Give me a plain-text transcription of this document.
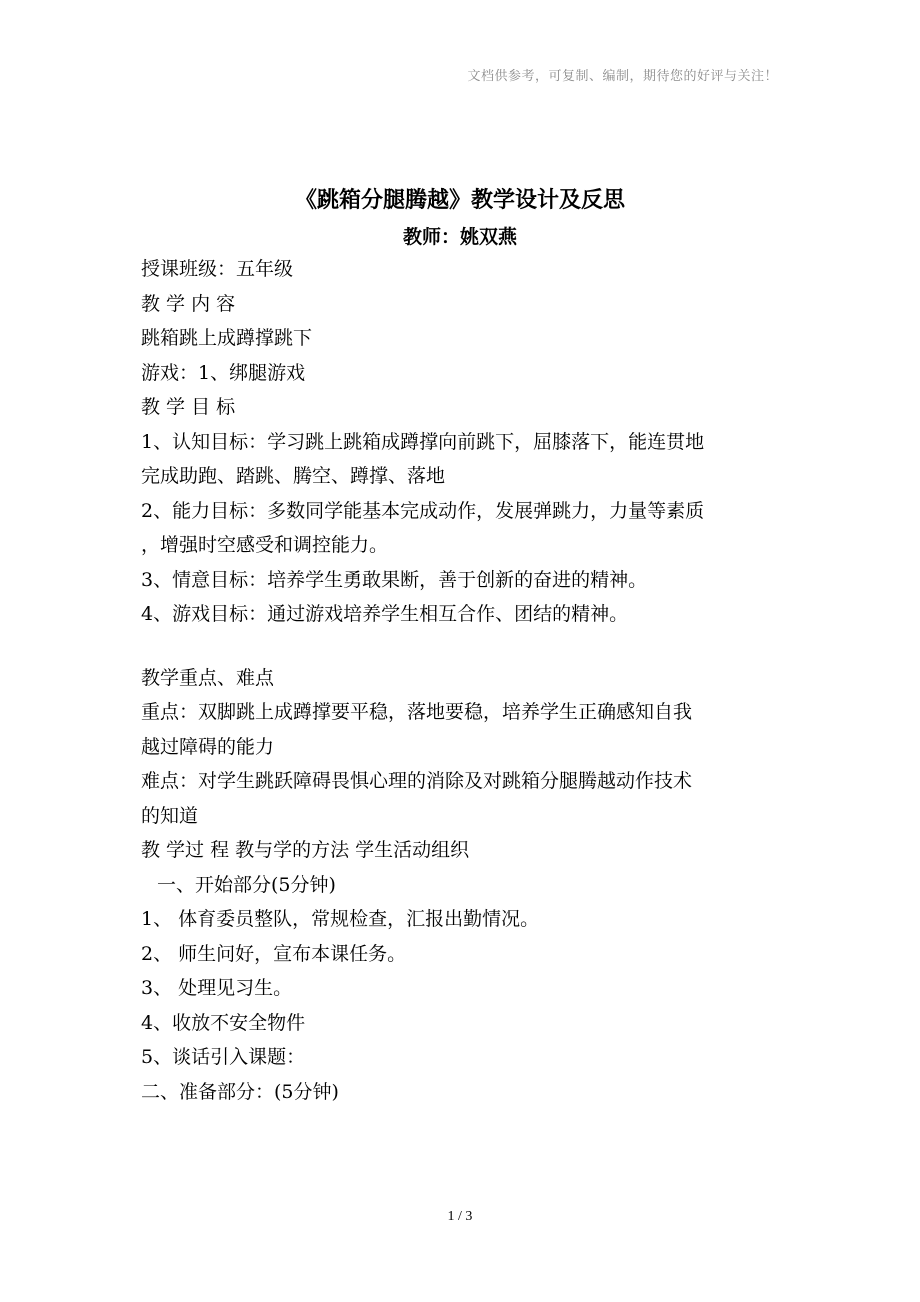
文档供参考，可复制、编制，期待您的好评与关注！
《跳箱分腿腾越》教学设计及反思
教师：姚双燕
授课班级：五年级
教 学 内 容
跳箱跳上成蹲撑跳下
游戏：1、绑腿游戏
教 学 目 标
1、认知目标：学习跳上跳箱成蹲撑向前跳下，屈膝落下，能连贯地
完成助跑、踏跳、腾空、蹲撑、落地
2、能力目标：多数同学能基本完成动作，发展弹跳力，力量等素质
，增强时空感受和调控能力。
3、情意目标：培养学生勇敢果断，善于创新的奋进的精神。
4、游戏目标：通过游戏培养学生相互合作、团结的精神。
教学重点、难点
重点：双脚跳上成蹲撑要平稳，落地要稳，培养学生正确感知自我
越过障碍的能力
难点：对学生跳跃障碍畏惧心理的消除及对跳箱分腿腾越动作技术
的知道
教 学过 程 教与学的方法 学生活动组织
一、开始部分(5分钟)
1、 体育委员整队，常规检查，汇报出勤情况。
2、 师生问好，宣布本课任务。
3、 处理见习生。
4、收放不安全物件
5、谈话引入课题：
二、准备部分：(5分钟)
1 / 3
